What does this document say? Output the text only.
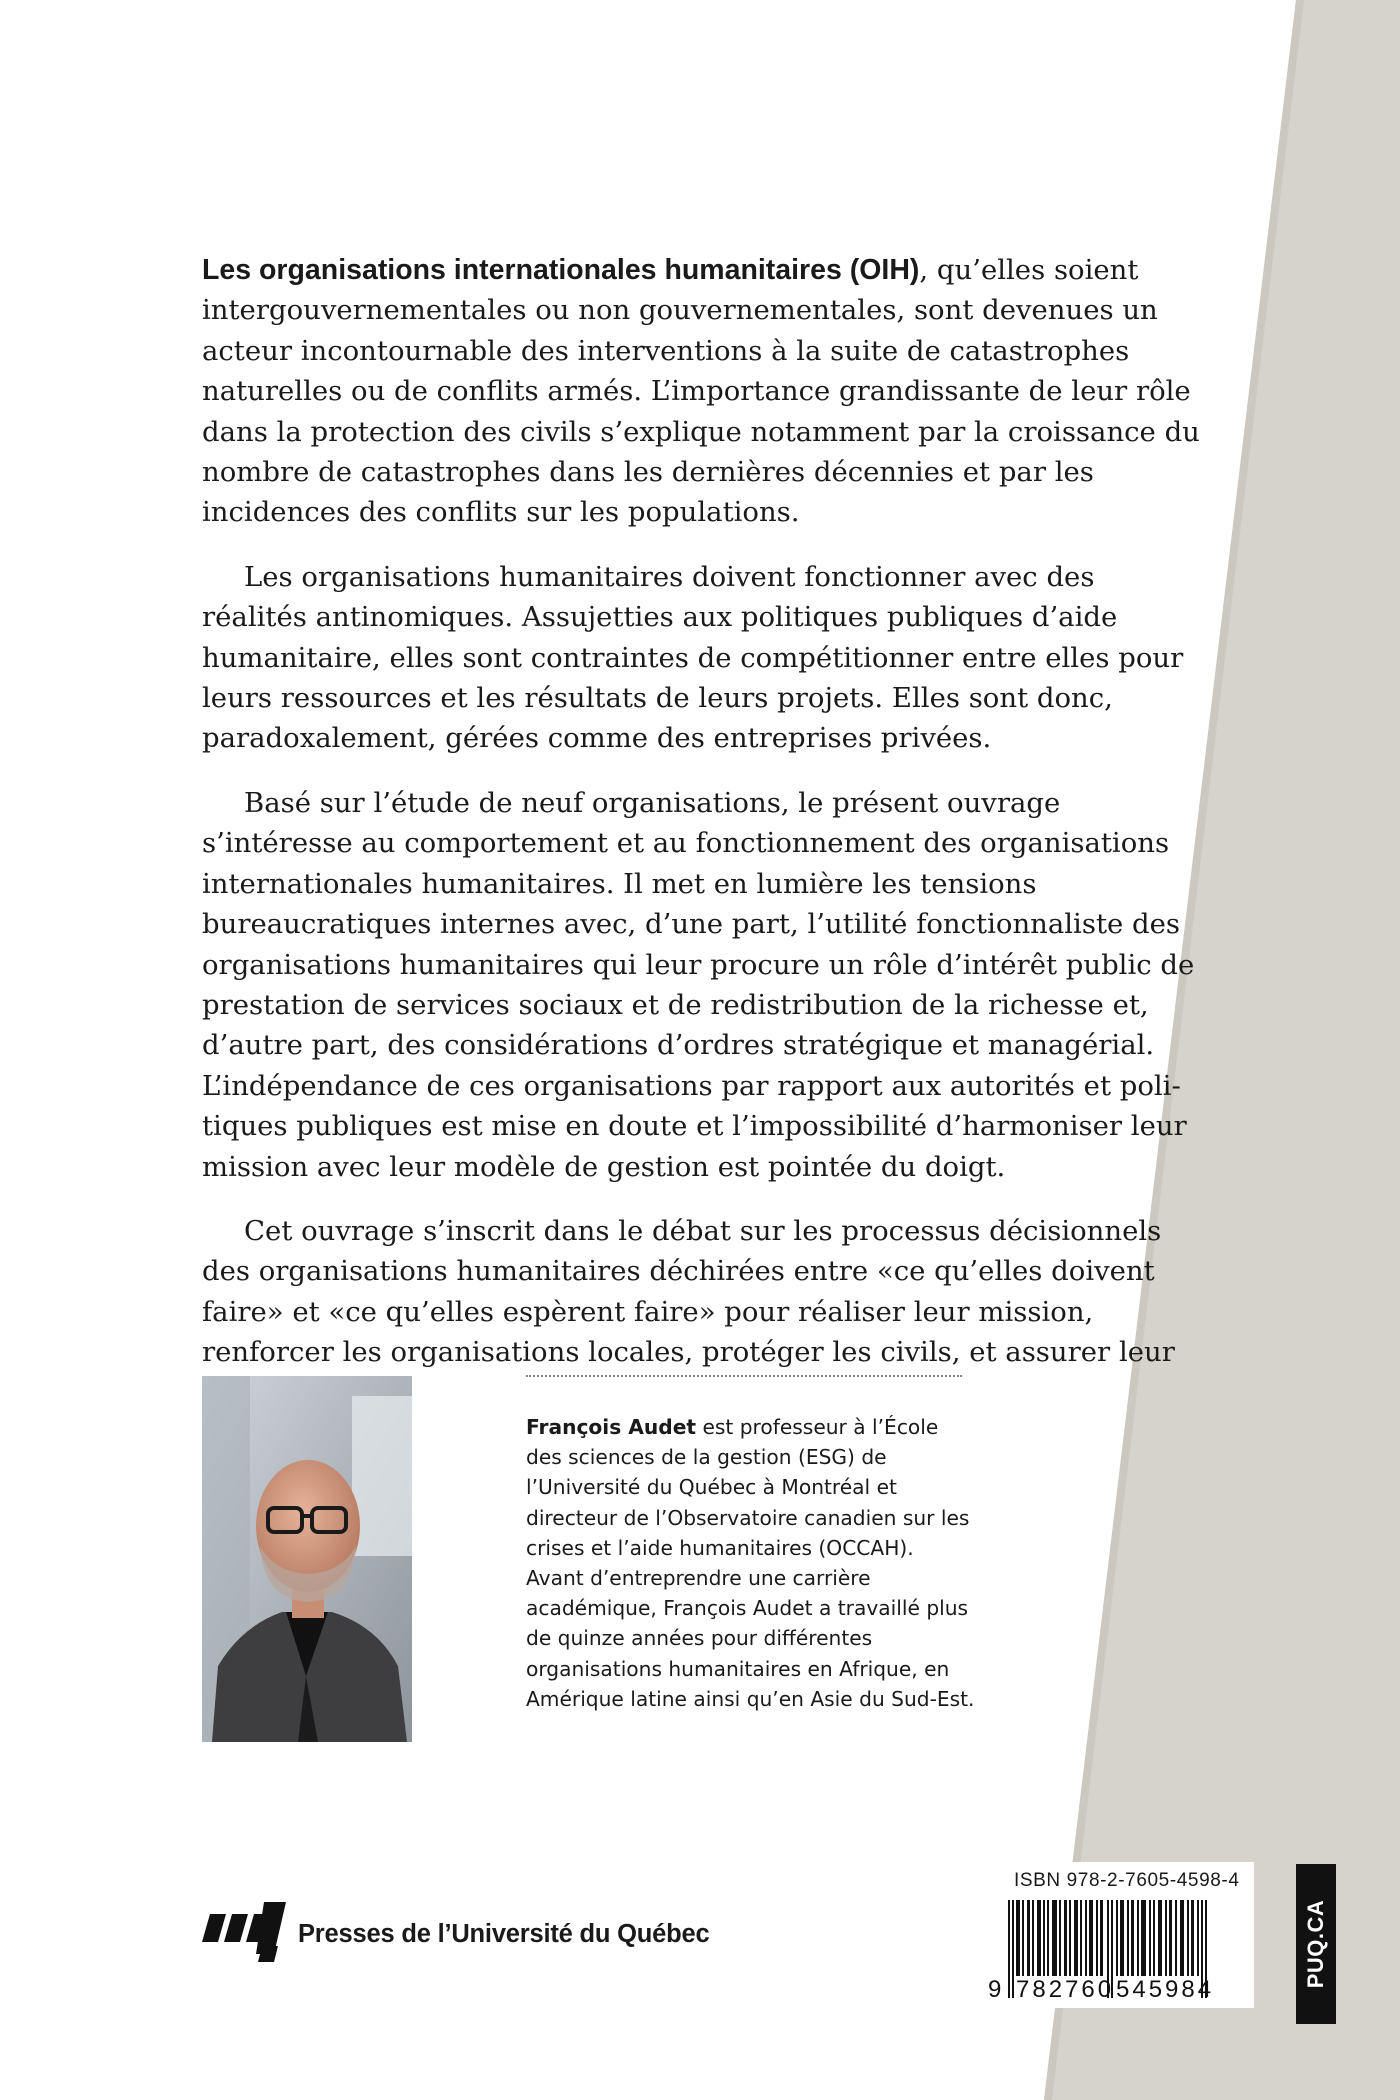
Les organisations internationales humanitaires (OIH), qu’elles soient intergouvernementales ou non gouvernementales, sont devenues un acteur incontournable des interventions à la suite de catastrophes naturelles ou de conflits armés. L’importance grandissante de leur rôle dans la protection des civils s’explique notamment par la croissance du nombre de catastrophes dans les dernières décennies et par les incidences des conflits sur les populations.

Les organisations humanitaires doivent fonctionner avec des réalités antinomiques. Assujetties aux politiques publiques d’aide humanitaire, elles sont contraintes de compétitionner entre elles pour leurs ressources et les résultats de leurs projets. Elles sont donc, paradoxalement, gérées comme des entreprises privées.

Basé sur l’étude de neuf organisations, le présent ouvrage s’intéresse au comportement et au fonctionnement des organisations internationales humanitaires. Il met en lumière les tensions bureaucratiques internes avec, d’une part, l’utilité fonctionnaliste des organisations humanitaires qui leur procure un rôle d’intérêt public de prestation de services sociaux et de redistribution de la richesse et, d’autre part, des considérations d’ordres stratégique et managérial. L’indépendance de ces organisations par rapport aux autorités et politiques publiques est mise en doute et l’impossibilité d’harmoniser leur mission avec leur modèle de gestion est pointée du doigt.

Cet ouvrage s’inscrit dans le débat sur les processus décisionnels des organisations humanitaires déchirées entre «ce qu’elles doivent faire» et «ce qu’elles espèrent faire» pour réaliser leur mission, renforcer les organisations locales, protéger les civils, et assurer leur

François Audet est professeur à l’École des sciences de la gestion (ESG) de l’Université du Québec à Montréal et directeur de l’Observatoire canadien sur les crises et l’aide humanitaires (OCCAH). Avant d’entreprendre une carrière académique, François Audet a travaillé plus de quinze années pour différentes organisations humanitaires en Afrique, en Amérique latine ainsi qu’en Asie du Sud-Est.
Presses de l’Université du Québec
ISBN 978-2-7605-4598-4
9 782760 545984
PUQ.CA
